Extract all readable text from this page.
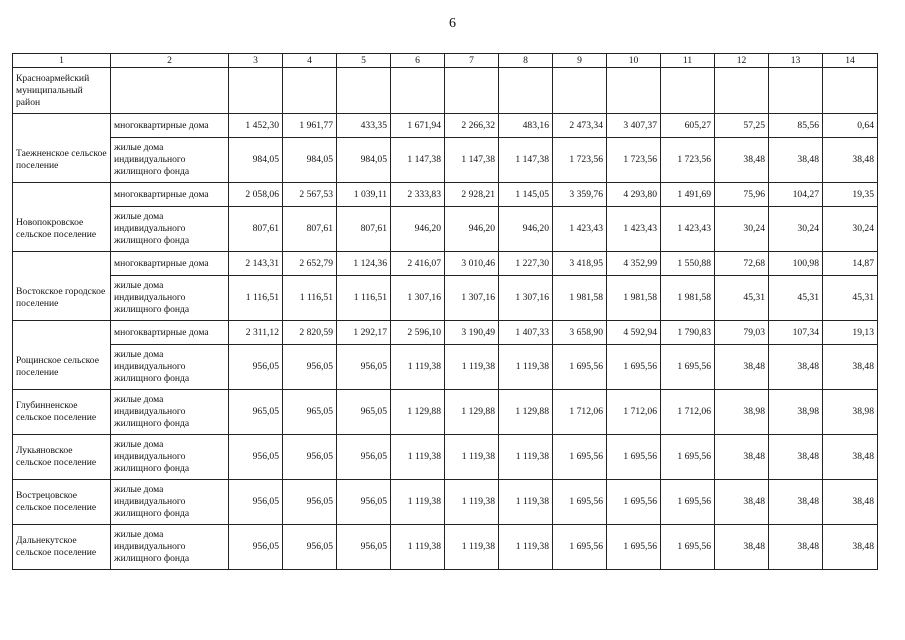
6
1	2	3	4	5	6	7	8	9	10	11	12	13	14
Красноармейский муниципальный район													
Таежненское сельское поселение	многоквартирные дома	1 452,30	1 961,77	433,35	1 671,94	2 266,32	483,16	2 473,34	3 407,37	605,27	57,25	85,56	0,64
	жилые дома индивидуального жилищного фонда	984,05	984,05	984,05	1 147,38	1 147,38	1 147,38	1 723,56	1 723,56	1 723,56	38,48	38,48	38,48
Новопокровское сельское поселение	многоквартирные дома	2 058,06	2 567,53	1 039,11	2 333,83	2 928,21	1 145,05	3 359,76	4 293,80	1 491,69	75,96	104,27	19,35
	жилые дома индивидуального жилищного фонда	807,61	807,61	807,61	946,20	946,20	946,20	1 423,43	1 423,43	1 423,43	30,24	30,24	30,24
Востокское городское поселение	многоквартирные дома	2 143,31	2 652,79	1 124,36	2 416,07	3 010,46	1 227,30	3 418,95	4 352,99	1 550,88	72,68	100,98	14,87
	жилые дома индивидуального жилищного фонда	1 116,51	1 116,51	1 116,51	1 307,16	1 307,16	1 307,16	1 981,58	1 981,58	1 981,58	45,31	45,31	45,31
Рощинское сельское поселение	многоквартирные дома	2 311,12	2 820,59	1 292,17	2 596,10	3 190,49	1 407,33	3 658,90	4 592,94	1 790,83	79,03	107,34	19,13
	жилые дома индивидуального жилищного фонда	956,05	956,05	956,05	1 119,38	1 119,38	1 119,38	1 695,56	1 695,56	1 695,56	38,48	38,48	38,48
Глубинненское сельское поселение	жилые дома индивидуального жилищного фонда	965,05	965,05	965,05	1 129,88	1 129,88	1 129,88	1 712,06	1 712,06	1 712,06	38,98	38,98	38,98
Лукьяновское сельское поселение	жилые дома индивидуального жилищного фонда	956,05	956,05	956,05	1 119,38	1 119,38	1 119,38	1 695,56	1 695,56	1 695,56	38,48	38,48	38,48
Вострецовское сельское поселение	жилые дома индивидуального жилищного фонда	956,05	956,05	956,05	1 119,38	1 119,38	1 119,38	1 695,56	1 695,56	1 695,56	38,48	38,48	38,48
Дальнекутское сельское поселение	жилые дома индивидуального жилищного фонда	956,05	956,05	956,05	1 119,38	1 119,38	1 119,38	1 695,56	1 695,56	1 695,56	38,48	38,48	38,48
